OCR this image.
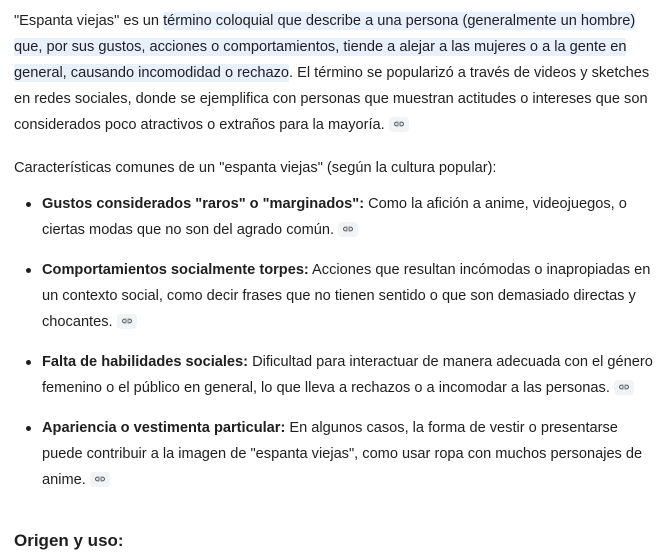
"Espanta viejas" es un término coloquial que describe a una persona (generalmente un hombre) que, por sus gustos, acciones o comportamientos, tiende a alejar a las mujeres o a la gente en general, causando incomodidad o rechazo. El término se popularizó a través de videos y sketches en redes sociales, donde se ejemplifica con personas que muestran actitudes o intereses que son considerados poco atractivos o extraños para la mayoría.

Características comunes de un "espanta viejas" (según la cultura popular):

Gustos considerados "raros" o "marginados": Como la afición a anime, videojuegos, o ciertas modas que no son del agrado común.
Comportamientos socialmente torpes: Acciones que resultan incómodas o inapropiadas en un contexto social, como decir frases que no tienen sentido o que son demasiado directas y chocantes.
Falta de habilidades sociales: Dificultad para interactuar de manera adecuada con el género femenino o el público en general, lo que lleva a rechazos o a incomodar a las personas.
Apariencia o vestimenta particular: En algunos casos, la forma de vestir o presentarse puede contribuir a la imagen de "espanta viejas", como usar ropa con muchos personajes de anime.
Origen y uso:
